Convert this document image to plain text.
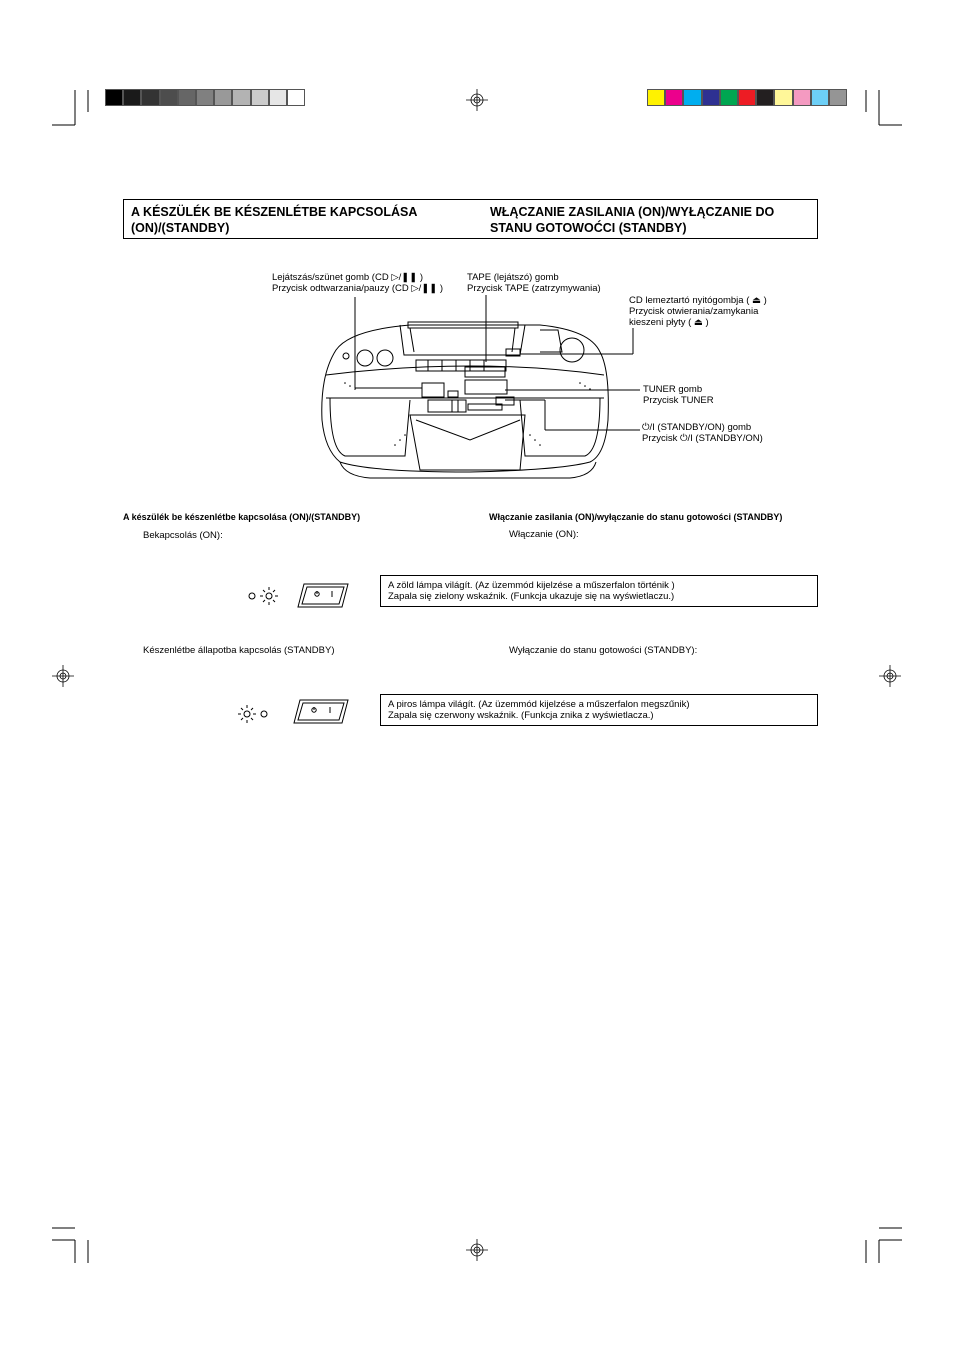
A KÉSZÜLÉK BE KÉSZENLÉTBE KAPCSOLÁSA
(ON)/(STANDBY)
WŁĄCZANIE ZASILANIA (ON)/WYŁĄCZANIE DO
STANU GOTOWOĆCI (STANDBY)
Lejátszás/szünet gomb (CD ▷/❚❚ )
Przycisk odtwarzania/pauzy (CD ▷/❚❚ )
TAPE (lejátszó) gomb
Przycisk TAPE (zatrzymywania)
CD lemeztartó nyitógombja ( ⏏ )
Przycisk otwierania/zamykania
kieszeni płyty ( ⏏ )
TUNER gomb
Przycisk TUNER
⏻/I (STANDBY/ON) gomb
Przycisk ⏻/I (STANDBY/ON)
A készülék be készenlétbe kapcsolása (ON)/(STANDBY)	Włączanie zasilania (ON)/wyłączanie do stanu gotowości (STANDBY)
Bekapcsolás (ON):	Włączanie (ON):
Készenlétbe állapotba kapcsolás (STANDBY)	Wyłączanie do stanu gotowości (STANDBY):
A zöld lámpa világít. (Az üzemmód kijelzése a műszerfalon történik )
Zapala się zielony wskaźnik. (Funkcja ukazuje się na wyświetlaczu.)
A piros lámpa világít. (Az üzemmód kijelzése a műszerfalon megszűnik)
Zapala się czerwony wskaźnik. (Funkcja znika z wyświetlacza.)
